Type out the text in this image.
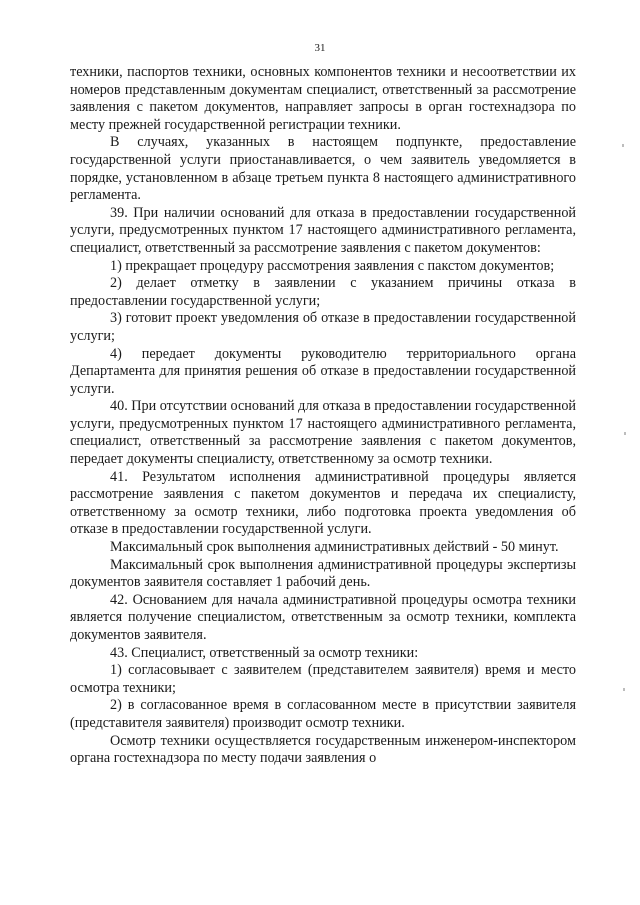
31

техники, паспортов техники, основных компонентов техники и несоответствии их номеров представленным документам специалист, ответственный за рассмотрение заявления с пакетом документов, направляет запросы в орган гостехнадзора по месту прежней государственной регистрации техники.

В случаях, указанных в настоящем подпункте, предоставление государственной услуги приостанавливается, о чем заявитель уведомляется в порядке, установленном в абзаце третьем пункта 8 настоящего административного регламента.

39. При наличии оснований для отказа в предоставлении государственной услуги, предусмотренных пунктом 17 настоящего административного регламента, специалист, ответственный за рассмотрение заявления с пакетом документов:

1) прекращает процедуру рассмотрения заявления с пакстом документов;

2) делает отметку в заявлении с указанием причины отказа в предоставлении государственной услуги;

3) готовит проект уведомления об отказе в предоставлении государственной услуги;

4) передает документы руководителю территориального органа Департамента для принятия решения об отказе в предоставлении государственной услуги.

40. При отсутствии оснований для отказа в предоставлении государственной услуги, предусмотренных пунктом 17 настоящего административного регламента, специалист, ответственный за рассмотрение заявления с пакетом документов, передает документы специалисту, ответственному за осмотр техники.

41. Результатом исполнения административной процедуры является рассмотрение заявления с пакетом документов и передача их специалисту, ответственному за осмотр техники, либо подготовка проекта уведомления об отказе в предоставлении государственной услуги.

Максимальный срок выполнения административных действий - 50 минут.

Максимальный срок выполнения административной процедуры экспертизы документов заявителя составляет 1 рабочий день.

42. Основанием для начала административной процедуры осмотра техники является получение специалистом, ответственным за осмотр техники, комплекта документов заявителя.

43. Специалист, ответственный за осмотр техники:

1) согласовывает с заявителем (представителем заявителя) время и место осмотра техники;

2) в согласованное время в согласованном месте в присутствии заявителя (представителя заявителя) производит осмотр техники.

Осмотр техники осуществляется государственным инженером-инспектором органа гостехнадзора по месту подачи заявления о
